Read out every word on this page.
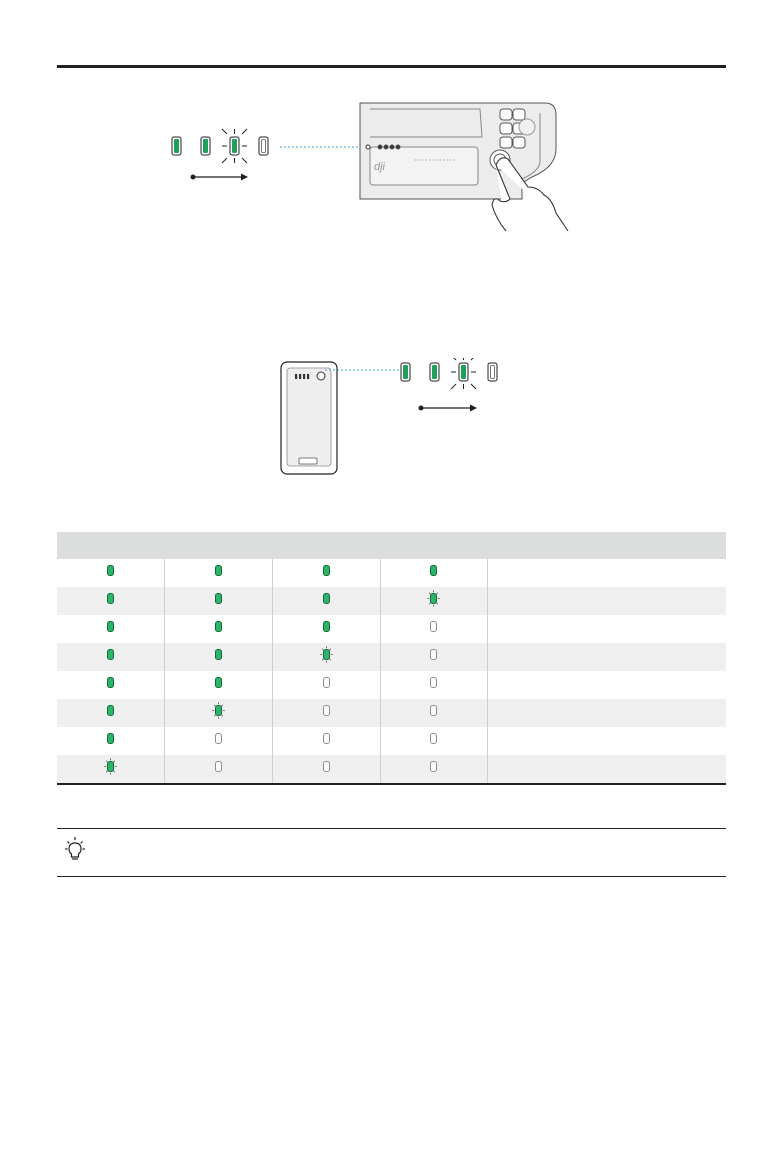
dji
